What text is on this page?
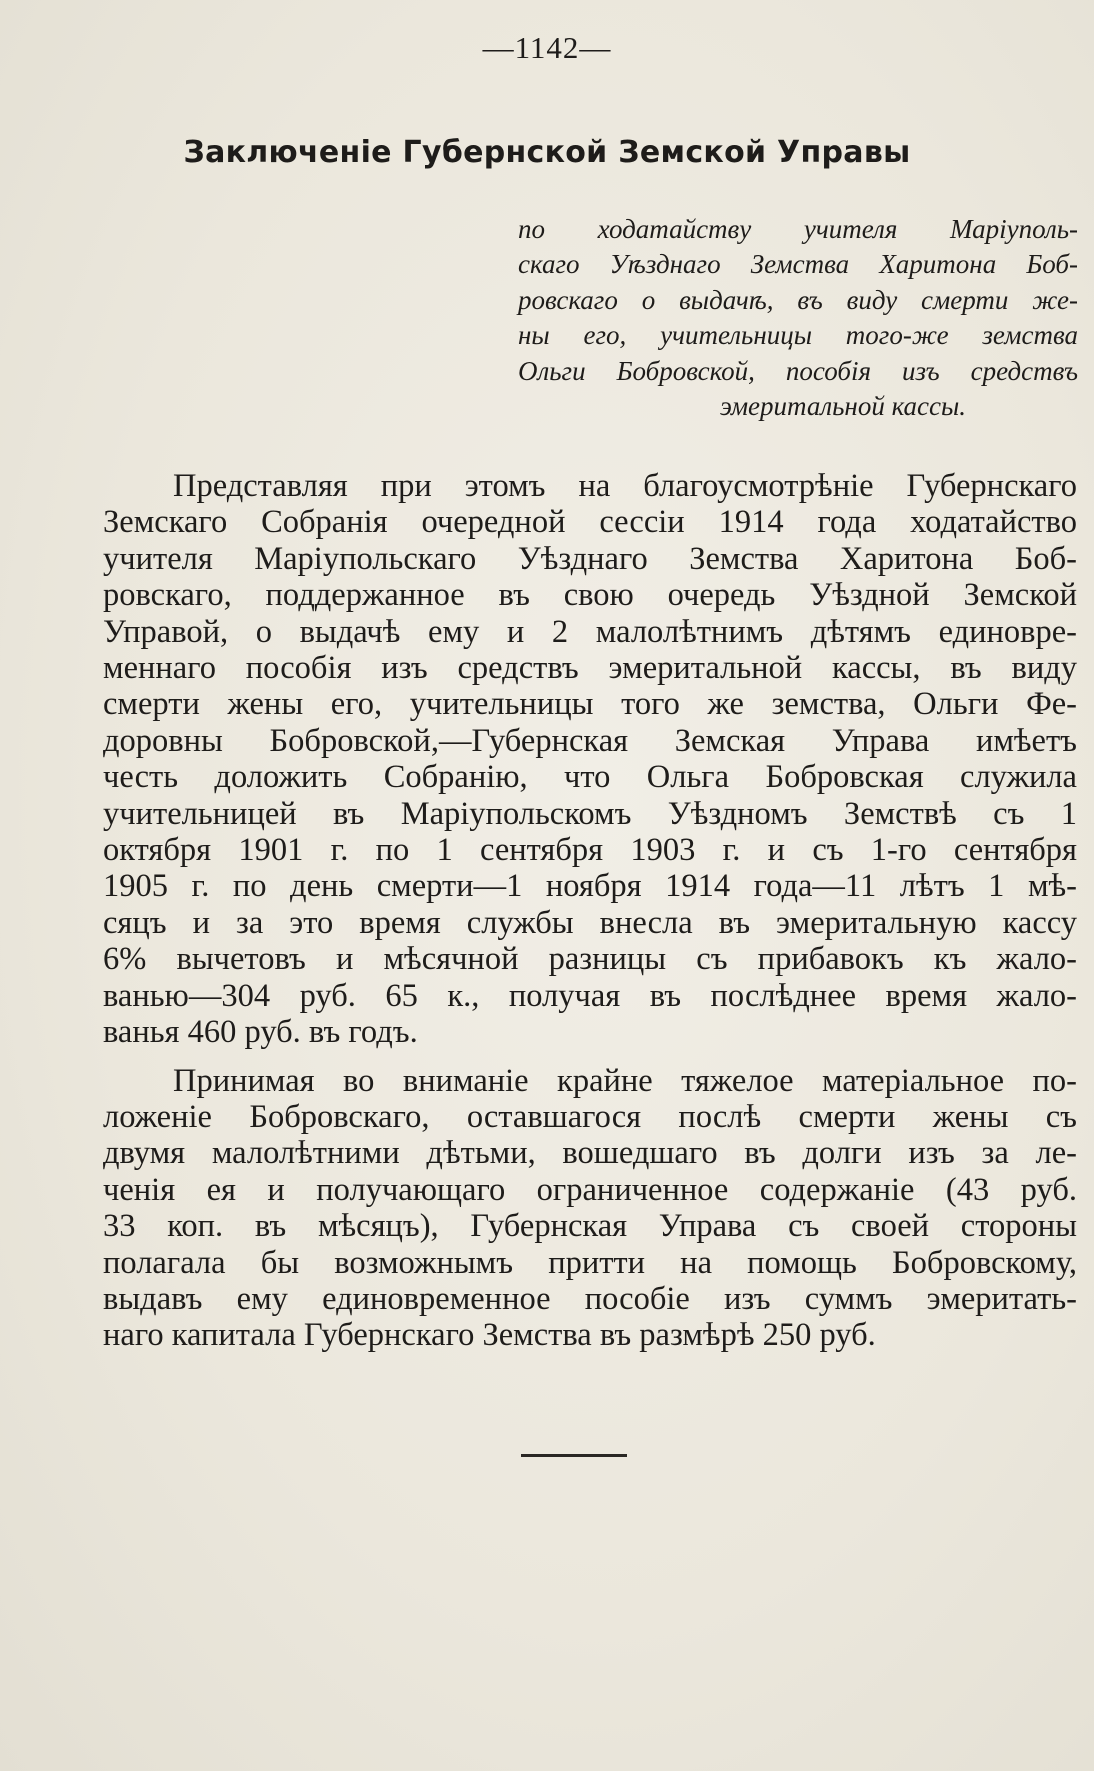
—1142—
Заключеніе Губернской Земской Управы
по ходатайству учителя Маріуполь-
скаго Уѣзднаго Земства Харитона Боб-
ровскаго о выдачѣ, въ виду смерти же-
ны его, учительницы того-же земства
Ольги Бобровской, пособія изъ средствъ
эмеритальной кассы.
Представляя при этомъ на благоусмотрѣніе Губернскаго
Земскаго Собранія очередной сессіи 1914 года ходатайство
учителя Маріупольскаго Уѣзднаго Земства Харитона Боб-
ровскаго, поддержанное въ свою очередь Уѣздной Земской
Управой, о выдачѣ ему и 2 малолѣтнимъ дѣтямъ единовре-
меннаго пособія изъ средствъ эмеритальной кассы, въ виду
смерти жены его, учительницы того же земства, Ольги Фе-
доровны Бобровской,—Губернская Земская Управа имѣетъ
честь доложить Собранію, что Ольга Бобровская служила
учительницей въ Маріупольскомъ Уѣздномъ Земствѣ съ 1
октября 1901 г. по 1 сентября 1903 г. и съ 1-го сентября
1905 г. по день смерти—1 ноября 1914 года—11 лѣтъ 1 мѣ-
сяцъ и за это время службы внесла въ эмеритальную кассу
6% вычетовъ и мѣсячной разницы съ прибавокъ къ жало-
ванью—304 руб. 65 к., получая въ послѣднее время жало-
ванья 460 руб. въ годъ.
Принимая во вниманіе крайне тяжелое матеріальное по-
ложеніе Бобровскаго, оставшагося послѣ смерти жены съ
двумя малолѣтними дѣтьми, вошедшаго въ долги изъ за ле-
ченія ея и получающаго ограниченное содержаніе (43 руб.
33 коп. въ мѣсяцъ), Губернская Управа съ своей стороны
полагала бы возможнымъ притти на помощь Бобровскому,
выдавъ ему единовременное пособіе изъ суммъ эмеритать-
наго капитала Губернскаго Земства въ размѣрѣ 250 руб.
